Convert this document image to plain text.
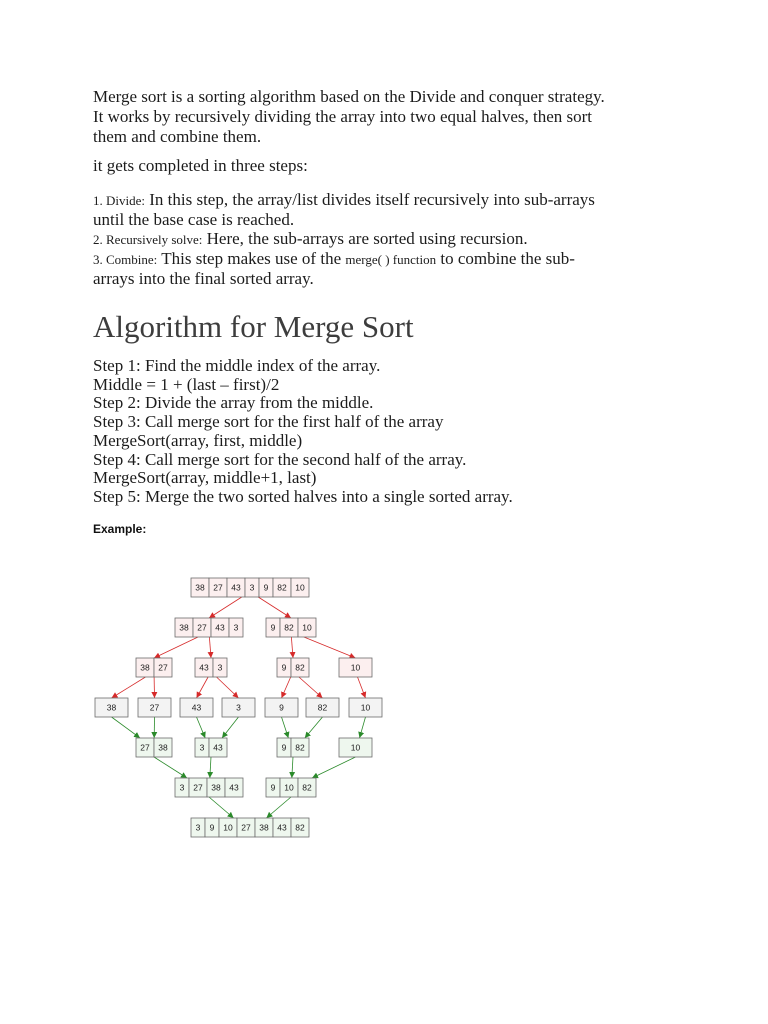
Merge sort is a sorting algorithm based on the Divide and conquer strategy.
It works by recursively dividing the array into two equal halves, then sort
them and combine them.
it gets completed in three steps:
1. Divide: In this step, the array/list divides itself recursively into sub-arrays
until the base case is reached.
2. Recursively solve: Here, the sub-arrays are sorted using recursion.
3. Combine: This step makes use of the merge( ) function to combine the sub-
arrays into the final sorted array.
Algorithm for Merge Sort
Step 1: Find the middle index of the array.
Middle = 1 + (last – first)/2
Step 2: Divide the array from the middle.
Step 3: Call merge sort for the first half of the array
MergeSort(array, first, middle)
Step 4: Call merge sort for the second half of the array.
MergeSort(array, middle+1, last)
Step 5: Merge the two sorted halves into a single sorted array.
Example:
38 27 43 3 9 82 10
38 27 43 3	9 82 10
38 27	43 3	9 82	10
38	27	43	3	9	82	10
27 38	3 43	9 82	10
3 27 38 43	9 10 82
3 9 10 27 38 43 82
